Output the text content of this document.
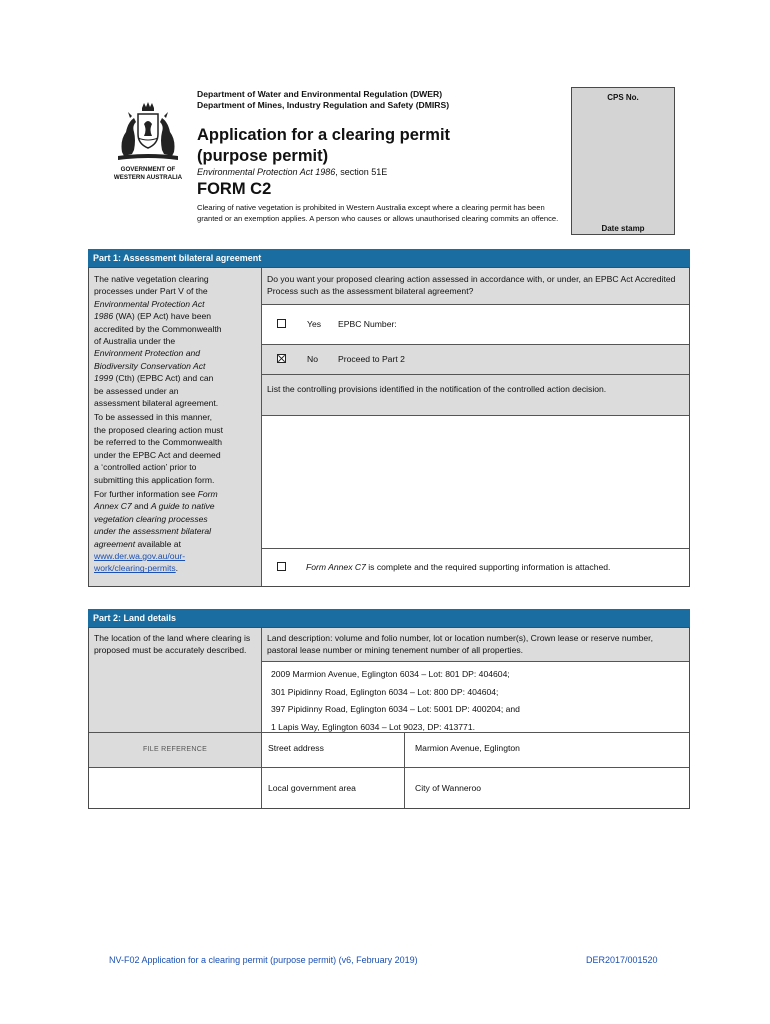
GOVERNMENT OF
WESTERN AUSTRALIA
Department of Water and Environmental Regulation (DWER)
Department of Mines, Industry Regulation and Safety (DMIRS)
Application for a clearing permit
(purpose permit)
Environmental Protection Act 1986, section 51E
FORM C2
Clearing of native vegetation is prohibited in Western Australia except where a clearing permit has been granted or an exemption applies. A person who causes or allows unauthorised clearing commits an offence.
CPS No.
Date stamp
Part 1: Assessment bilateral agreement
The native vegetation clearing
processes under Part V of the
Environmental Protection Act
1986 (WA) (EP Act) have been
accredited by the Commonwealth
of Australia under the
Environment Protection and
Biodiversity Conservation Act
1999 (Cth) (EPBC Act) and can
be assessed under an
assessment bilateral agreement.
To be assessed in this manner,
the proposed clearing action must
be referred to the Commonwealth
under the EPBC Act and deemed
a ‘controlled action’ prior to
submitting this application form.
For further information see Form
Annex C7 and A guide to native
vegetation clearing processes
under the assessment bilateral
agreement available at
www.der.wa.gov.au/our-
work/clearing-permits.
Do you want your proposed clearing action assessed in accordance with, or under, an EPBC Act Accredited Process such as the assessment bilateral agreement?
Yes EPBC Number:
No Proceed to Part 2
List the controlling provisions identified in the notification of the controlled action decision.
Form Annex C7 is complete and the required supporting information is attached.
Part 2: Land details
The location of the land where clearing is proposed must be accurately described.
Land description: volume and folio number, lot or location number(s), Crown lease or reserve number, pastoral lease number or mining tenement number of all properties.
2009 Marmion Avenue, Eglington 6034 – Lot: 801 DP: 404604;
301 Pipidinny Road, Eglington 6034 – Lot: 800 DP: 404604;
397 Pipidinny Road, Eglington 6034 – Lot: 5001 DP: 400204; and
1 Lapis Way, Eglington 6034 – Lot 9023, DP: 413771.
FILE REFERENCE	Street address	Marmion Avenue, Eglington
Local government area	City of Wanneroo
NV-F02 Application for a clearing permit (purpose permit) (v6, February 2019)	DER2017/001520
